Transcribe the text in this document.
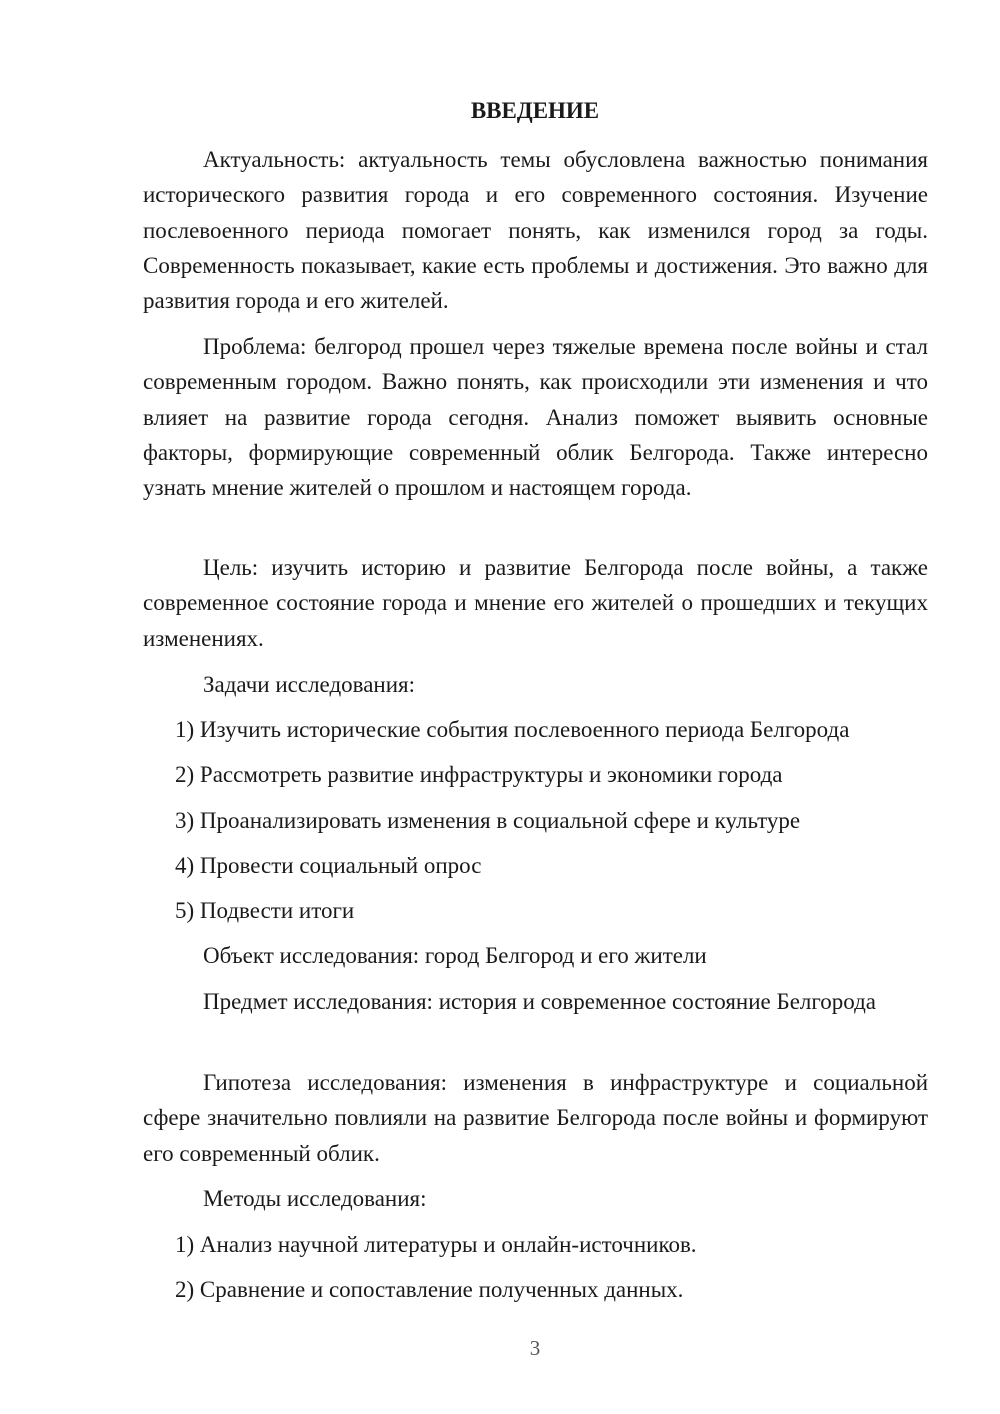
ВВЕДЕНИЕ

Актуальность: актуальность темы обусловлена важностью понимания исторического развития города и его современного состояния. Изучение послевоенного периода помогает понять, как изменился город за годы. Современность показывает, какие есть проблемы и достижения. Это важно для развития города и его жителей.

Проблема: белгород прошел через тяжелые времена после войны и стал современным городом. Важно понять, как происходили эти изменения и что влияет на развитие города сегодня. Анализ поможет выявить основные факторы, формирующие современный облик Белгорода. Также интересно узнать мнение жителей о прошлом и настоящем города.

Цель: изучить историю и развитие Белгорода после войны, а также современное состояние города и мнение его жителей о прошедших и текущих изменениях.

Задачи исследования:

1) Изучить исторические события послевоенного периода Белгорода

2) Рассмотреть развитие инфраструктуры и экономики города

3) Проанализировать изменения в социальной сфере и культуре

4) Провести социальный опрос

5) Подвести итоги

Объект исследования: город Белгород и его жители

Предмет исследования: история и современное состояние Белгорода

Гипотеза исследования: изменения в инфраструктуре и социальной сфере значительно повлияли на развитие Белгорода после войны и формируют его современный облик.

Методы исследования:

1) Анализ научной литературы и онлайн-источников.

2) Сравнение и сопоставление полученных данных.

3
